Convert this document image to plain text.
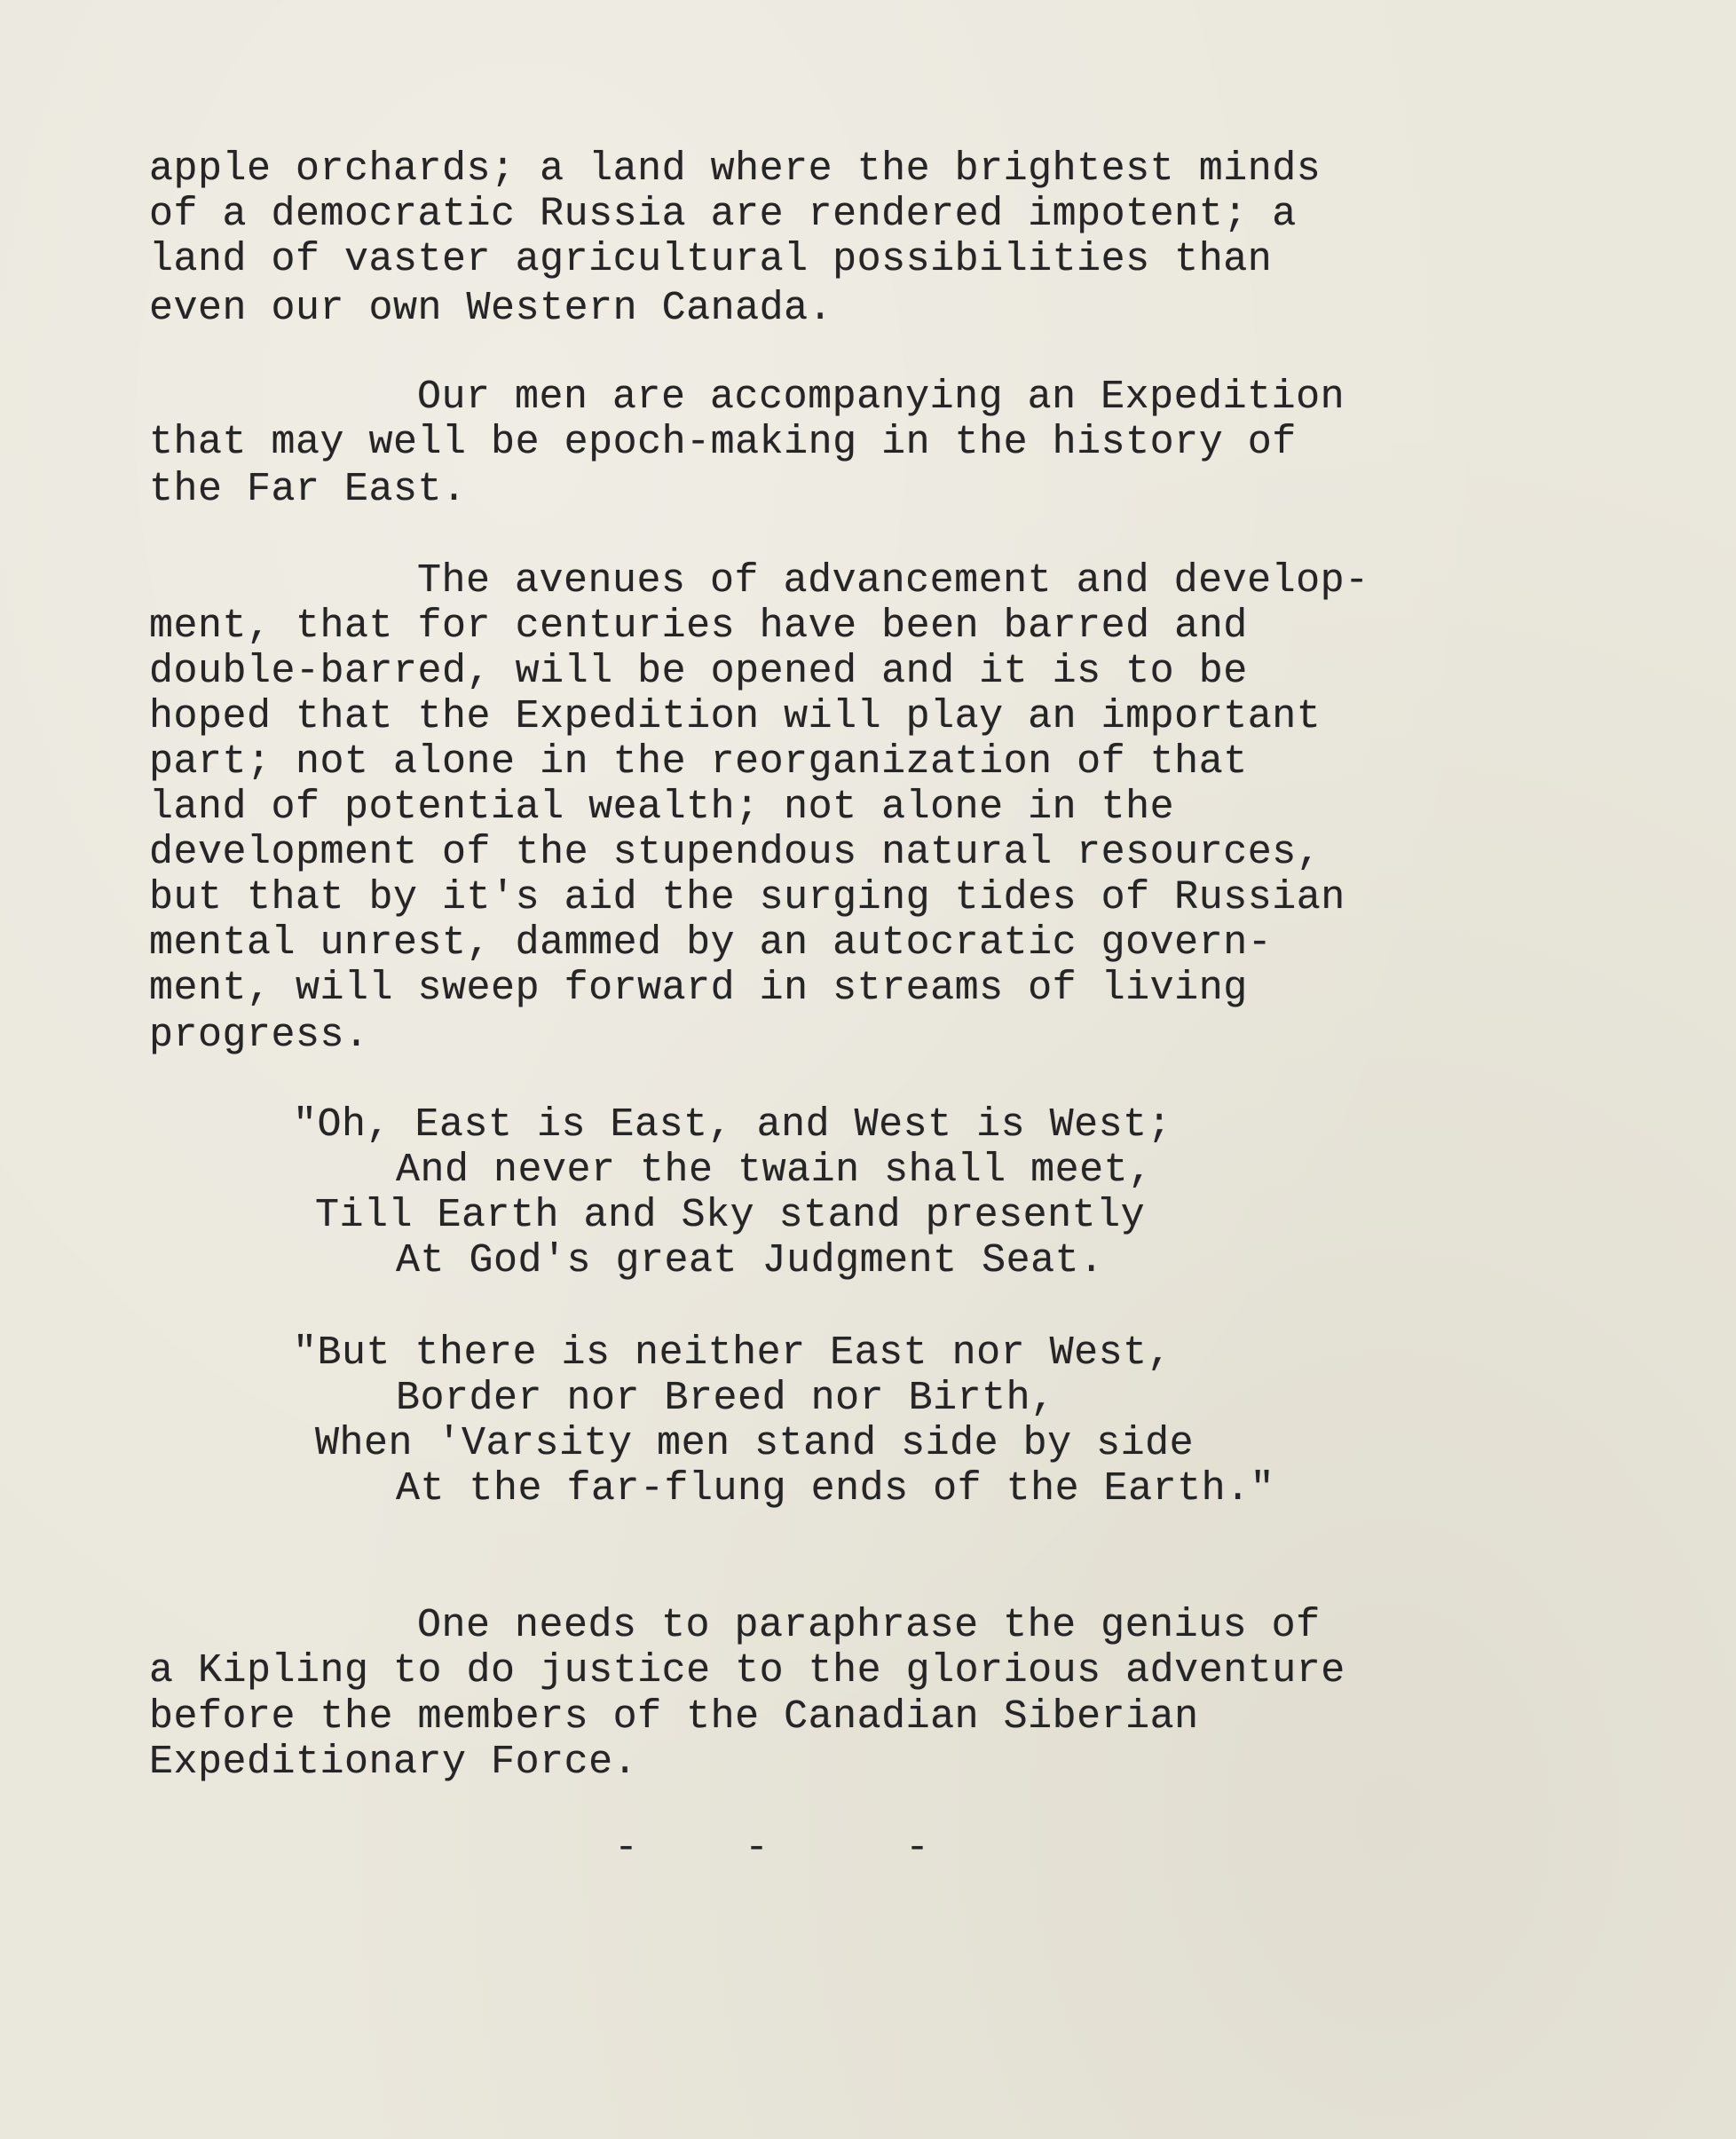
apple orchards; a land where the brightest minds
of a democratic Russia are rendered impotent; a
land of vaster agricultural possibilities than
even our own Western Canada.
Our men are accompanying an Expedition
that may well be epoch-making in the history of
the Far East.
The avenues of advancement and develop-
ment, that for centuries have been barred and
double-barred, will be opened and it is to be
hoped that the Expedition will play an important
part; not alone in the reorganization of that
land of potential wealth; not alone in the
development of the stupendous natural resources,
but that by it's aid the surging tides of Russian
mental unrest, dammed by an autocratic govern-
ment, will sweep forward in streams of living
progress.
"Oh, East is East, and West is West;
And never the twain shall meet,
Till Earth and Sky stand presently
At God's great Judgment Seat.
"But there is neither East nor West,
Border nor Breed nor Birth,
When 'Varsity men stand side by side
At the far-flung ends of the Earth."
One needs to paraphrase the genius of
a Kipling to do justice to the glorious adventure
before the members of the Canadian Siberian
Expeditionary Force.
-	-	-
